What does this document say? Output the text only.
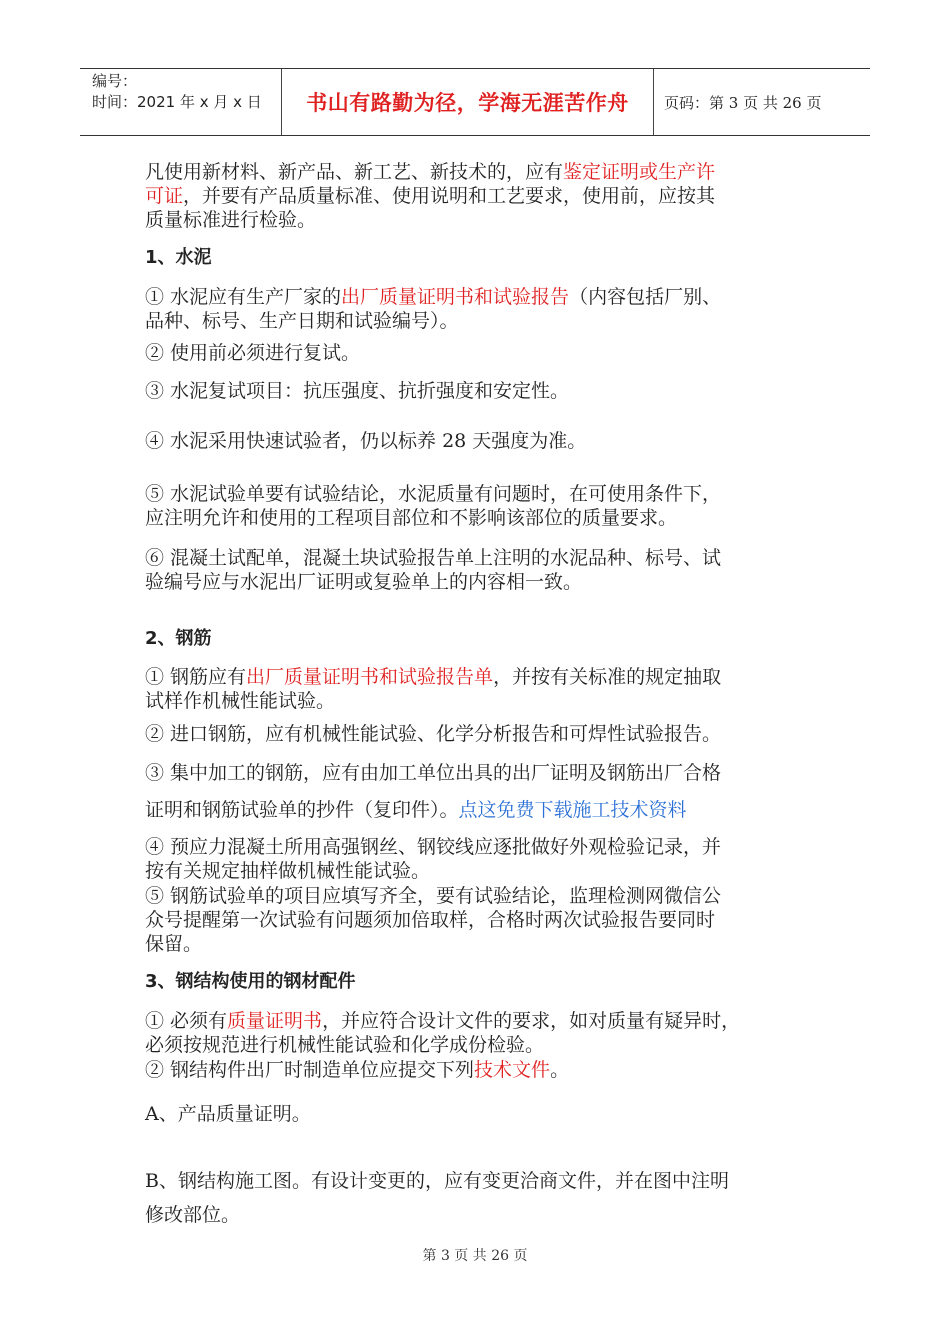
编号：
时间：2021 年 x 月 x 日	书山有路勤为径，学海无涯苦作舟	页码：第 3 页 共 26 页
凡使用新材料、新产品、新工艺、新技术的，应有鉴定证明或生产许
可证，并要有产品质量标准、使用说明和工艺要求，使用前，应按其
质量标准进行检验。
1、水泥
① 水泥应有生产厂家的出厂质量证明书和试验报告（内容包括厂别、
品种、标号、生产日期和试验编号）。
② 使用前必须进行复试。
③ 水泥复试项目：抗压强度、抗折强度和安定性。
④ 水泥采用快速试验者，仍以标养 28 天强度为准。
⑤ 水泥试验单要有试验结论，水泥质量有问题时，在可使用条件下，
应注明允许和使用的工程项目部位和不影响该部位的质量要求。
⑥ 混凝土试配单，混凝土块试验报告单上注明的水泥品种、标号、试
验编号应与水泥出厂证明或复验单上的内容相一致。
2、钢筋
① 钢筋应有出厂质量证明书和试验报告单，并按有关标准的规定抽取
试样作机械性能试验。
② 进口钢筋，应有机械性能试验、化学分析报告和可焊性试验报告。
③ 集中加工的钢筋，应有由加工单位出具的出厂证明及钢筋出厂合格
证明和钢筋试验单的抄件（复印件）。点这免费下载施工技术资料
④ 预应力混凝土所用高强钢丝、钢铰线应逐批做好外观检验记录，并
按有关规定抽样做机械性能试验。
⑤ 钢筋试验单的项目应填写齐全，要有试验结论，监理检测网微信公
众号提醒第一次试验有问题须加倍取样，合格时两次试验报告要同时
保留。
3、钢结构使用的钢材配件
① 必须有质量证明书，并应符合设计文件的要求，如对质量有疑异时，
必须按规范进行机械性能试验和化学成份检验。
② 钢结构件出厂时制造单位应提交下列技术文件。
A、产品质量证明。
B、钢结构施工图。有设计变更的，应有变更洽商文件，并在图中注明
修改部位。
第 3 页 共 26 页
